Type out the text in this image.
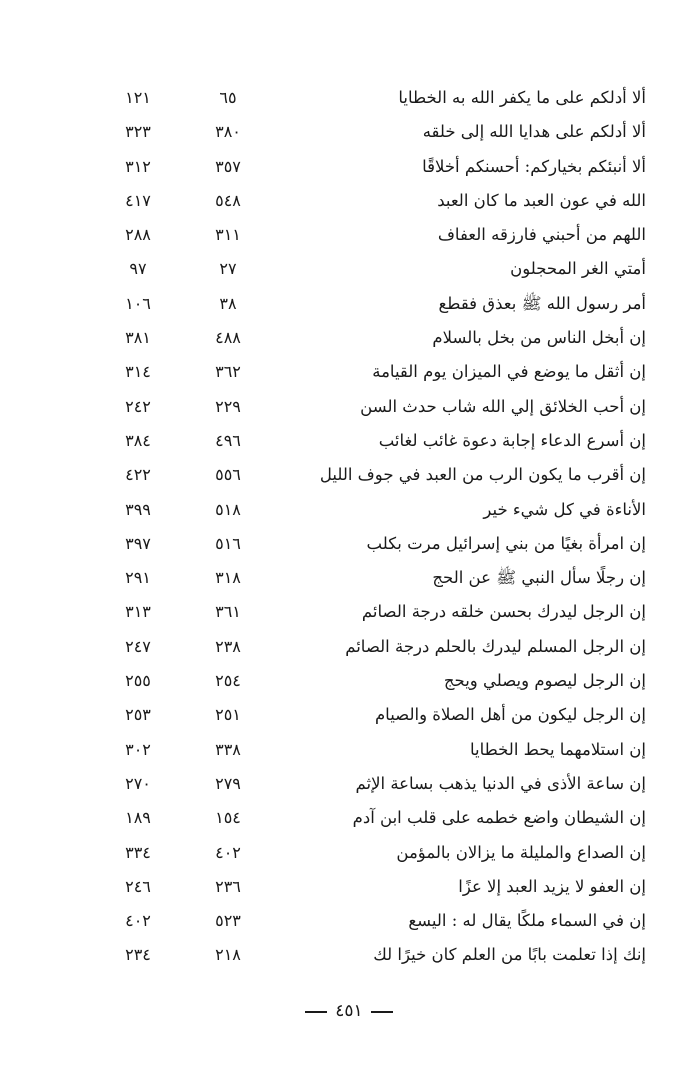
ألا أدلكم على ما يكفر الله به الخطايا
٦٥
١٢١
ألا أدلكم على هدايا الله إلى خلقه
٣٨٠
٣٢٣
ألا أنبئكم بخياركم: أحسنكم أخلاقًا
٣٥٧
٣١٢
الله في عون العبد ما كان العبد
٥٤٨
٤١٧
اللهم من أحبني فارزقه العفاف
٣١١
٢٨٨
أمتي الغر المحجلون
٢٧
٩٧
أمر رسول الله ﷺ بعذق فقطع
٣٨
١٠٦
إن أبخل الناس من بخل بالسلام
٤٨٨
٣٨١
إن أثقل ما يوضع في الميزان يوم القيامة
٣٦٢
٣١٤
إن أحب الخلائق إلي الله شاب حدث السن
٢٢٩
٢٤٢
إن أسرع الدعاء إجابة دعوة غائب لغائب
٤٩٦
٣٨٤
إن أقرب ما يكون الرب من العبد في جوف الليل
٥٥٦
٤٢٢
الأناءة في كل شيء خير
٥١٨
٣٩٩
إن امرأة بغيًا من بني إسرائيل مرت بكلب
٥١٦
٣٩٧
إن رجلًا سأل النبي ﷺ عن الحج
٣١٨
٢٩١
إن الرجل ليدرك بحسن خلقه درجة الصائم
٣٦١
٣١٣
إن الرجل المسلم ليدرك بالحلم درجة الصائم
٢٣٨
٢٤٧
إن الرجل ليصوم ويصلي ويحج
٢٥٤
٢٥٥
إن الرجل ليكون من أهل الصلاة والصيام
٢٥١
٢٥٣
إن استلامهما يحط الخطايا
٣٣٨
٣٠٢
إن ساعة الأذى في الدنيا يذهب بساعة الإثم
٢٧٩
٢٧٠
إن الشيطان واضع خطمه على قلب ابن آدم
١٥٤
١٨٩
إن الصداع والمليلة ما يزالان بالمؤمن
٤٠٢
٣٣٤
إن العفو لا يزيد العبد إلا عزًا
٢٣٦
٢٤٦
إن في السماء ملكًا يقال له : اليسع
٥٢٣
٤٠٢
إنك إذا تعلمت بابًا من العلم كان خيرًا لك
٢١٨
٢٣٤
٤٥١
